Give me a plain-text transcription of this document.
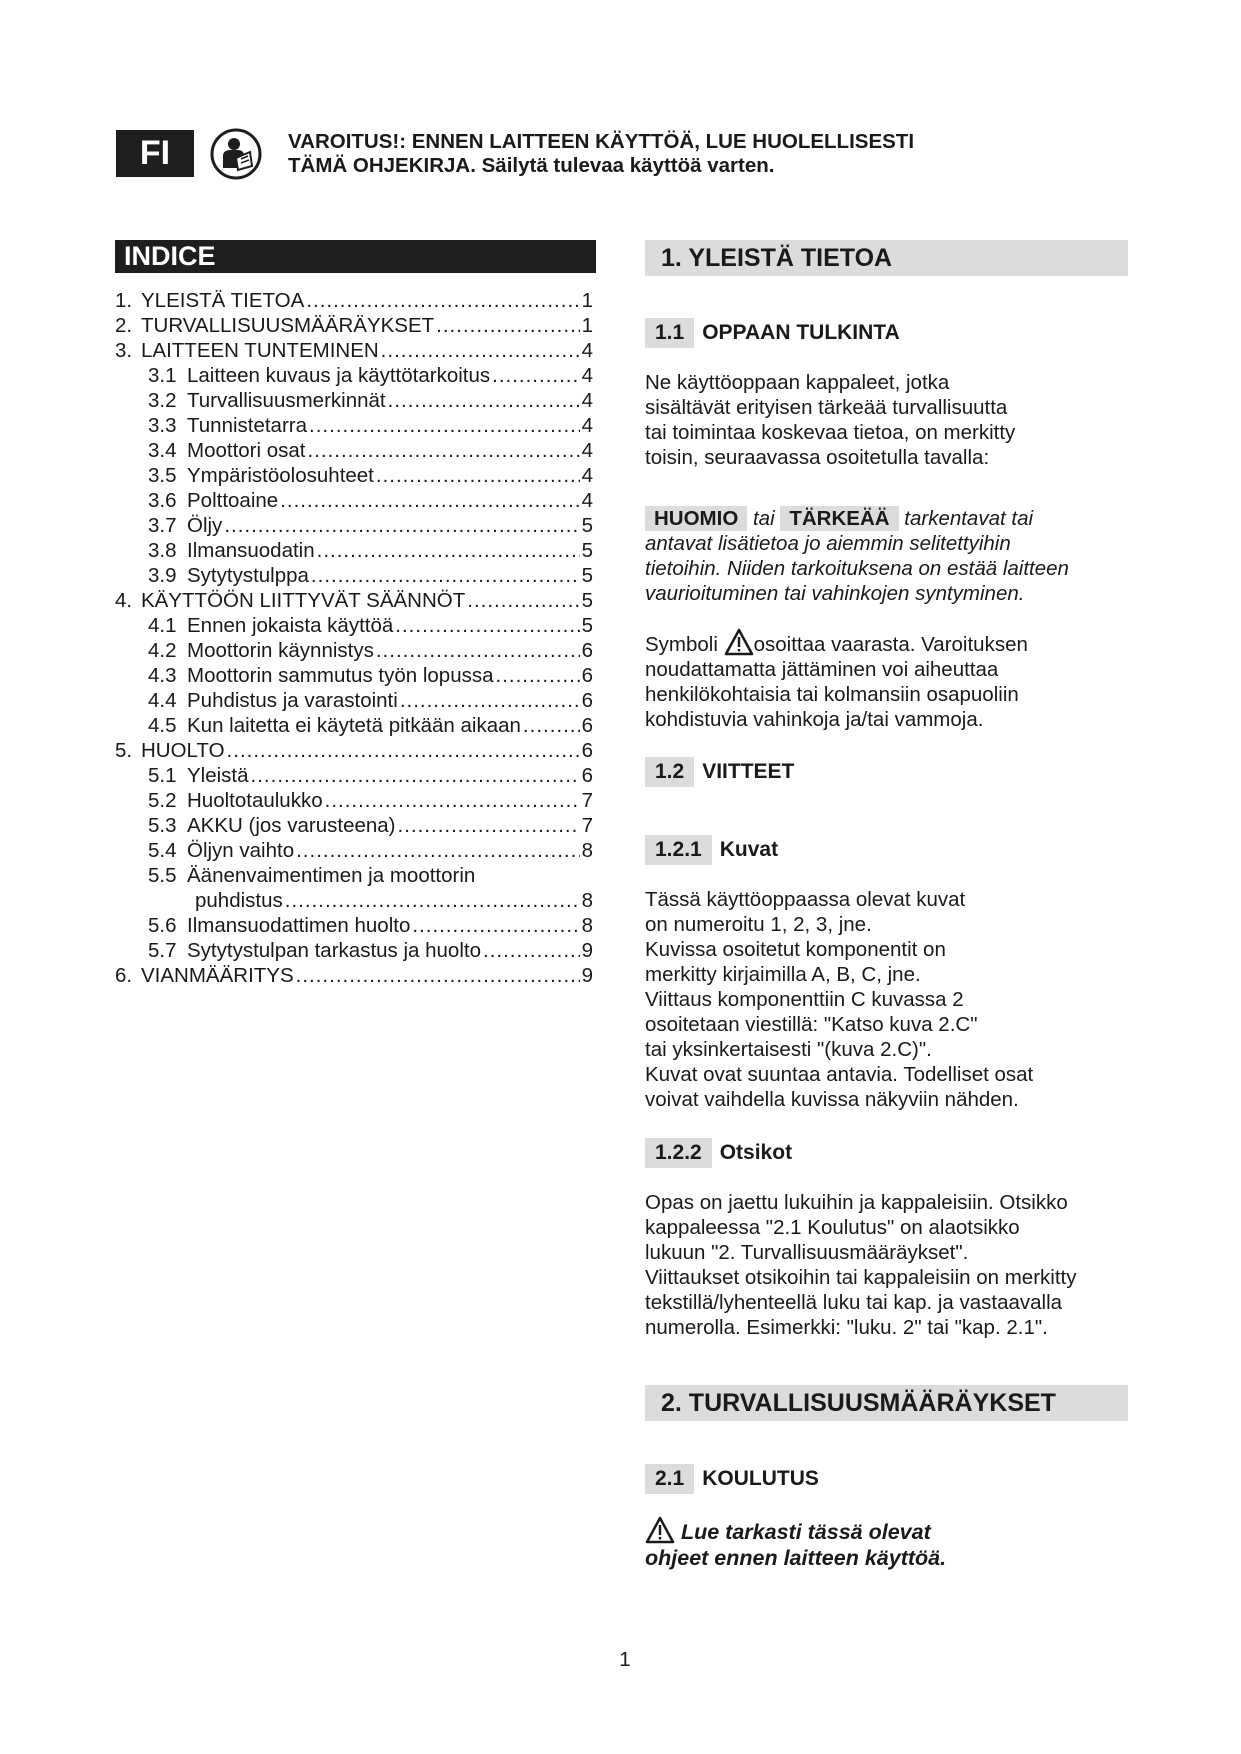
FI	VAROITUS!: ENNEN LAITTEEN KÄYTTÖÄ, LUE HUOLELLISESTI
TÄMÄ OHJEKIRJA. Säilytä tulevaa käyttöä varten.
INDICE
1. YLEISTÄ TIETOA .....	1
2. TURVALLISUUSMÄÄRÄYKSET .....	1
3. LAITTEEN TUNTEMINEN .....	4
3.1 Laitteen kuvaus ja käyttötarkoitus .....	4
3.2 Turvallisuusmerkinnät .....	4
3.3 Tunnistetarra .....	4
3.4 Moottori osat .....	4
3.5 Ympäristöolosuhteet .....	4
3.6 Polttoaine .....	4
3.7 Öljy .....	5
3.8 Ilmansuodatin .....	5
3.9 Sytytystulppa .....	5
4. KÄYTTÖÖN LIITTYVÄT SÄÄNNÖT .....	5
4.1 Ennen jokaista käyttöä .....	5
4.2 Moottorin käynnistys .....	6
4.3 Moottorin sammutus työn lopussa .....	6
4.4 Puhdistus ja varastointi .....	6
4.5 Kun laitetta ei käytetä pitkään aikaan .....	6
5. HUOLTO .....	6
5.1 Yleistä .....	6
5.2 Huoltotaulukko .....	7
5.3 AKKU (jos varusteena) .....	7
5.4 Öljyn vaihto .....	8
5.5 Äänenvaimentimen ja moottorin
puhdistus .....	8
5.6 Ilmansuodattimen huolto .....	8
5.7 Sytytystulpan tarkastus ja huolto .....	9
6. VIANMÄÄRITYS .....	9
1. YLEISTÄ TIETOA
1.1 OPPAAN TULKINTA
Ne käyttöoppaan kappaleet, jotka
sisältävät erityisen tärkeää turvallisuutta
tai toimintaa koskevaa tietoa, on merkitty
toisin, seuraavassa osoitetulla tavalla:
HUOMIO tai TÄRKEÄÄ tarkentavat tai
antavat lisätietoa jo aiemmin selitettyihin
tietoihin. Niiden tarkoituksena on estää laitteen
vaurioituminen tai vahinkojen syntyminen.
Symboli osoittaa vaarasta. Varoituksen
noudattamatta jättäminen voi aiheuttaa
henkilökohtaisia tai kolmansiin osapuoliin
kohdistuvia vahinkoja ja/tai vammoja.
1.2 VIITTEET
1.2.1 Kuvat
Tässä käyttöoppaassa olevat kuvat
on numeroitu 1, 2, 3, jne.
Kuvissa osoitetut komponentit on
merkitty kirjaimilla A, B, C, jne.
Viittaus komponenttiin C kuvassa 2
osoitetaan viestillä: "Katso kuva 2.C"
tai yksinkertaisesti "(kuva 2.C)".
Kuvat ovat suuntaa antavia. Todelliset osat
voivat vaihdella kuvissa näkyviin nähden.
1.2.2 Otsikot
Opas on jaettu lukuihin ja kappaleisiin. Otsikko
kappaleessa "2.1 Koulutus" on alaotsikko
lukuun "2. Turvallisuusmääräykset".
Viittaukset otsikoihin tai kappaleisiin on merkitty
tekstillä/lyhenteellä luku tai kap. ja vastaavalla
numerolla. Esimerkki: "luku. 2" tai "kap. 2.1".
2. TURVALLISUUSMÄÄRÄYKSET
2.1 KOULUTUS
Lue tarkasti tässä olevat
ohjeet ennen laitteen käyttöä.
1
